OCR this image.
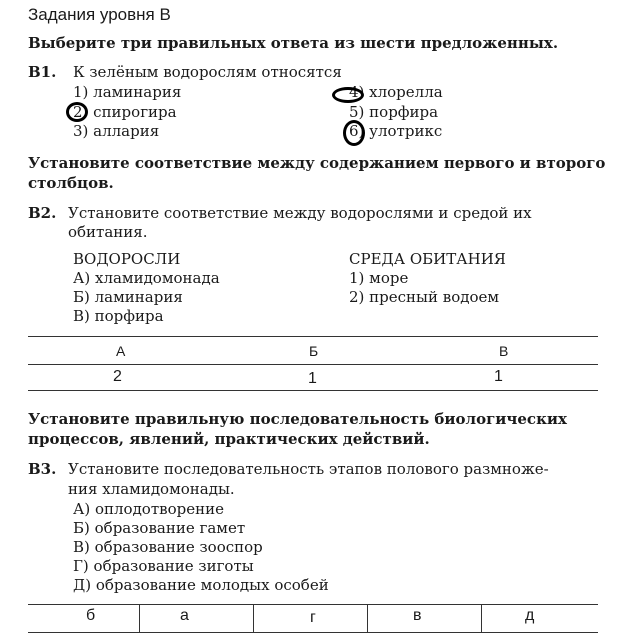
Задания уровня В
Выберите три правильных ответа из шести предложенных.
В1. К зелёным водорослям относятся
1) ламинария
2) спирогира
3) аллария
4) хлорелла
5) порфира
6) улотрикс
Установите соответствие между содержанием первого и второго
столбцов.
В2. Установите соответствие между водорослями и средой их
обитания.
ВОДОРОСЛИ
А) хламидомонада
Б) ламинария
В) порфира
СРЕДА ОБИТАНИЯ
1) море
2) пресный водоем
А	Б	В
2	1	1
Установите правильную последовательность биологических
процессов, явлений, практических действий.
В3. Установите последовательность этапов полового размноже-
ния хламидомонады.
А) оплодотворение
Б) образование гамет
В) образование зооспор
Г) образование зиготы
Д) образование молодых особей
б	а	г	в	д
